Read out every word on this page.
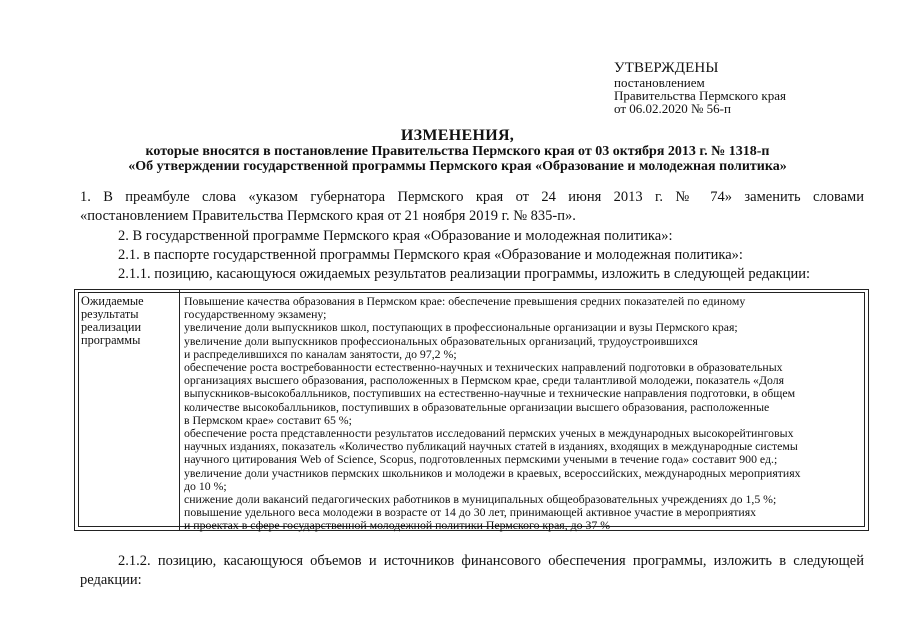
УТВЕРЖДЕНЫ
постановлением
Правительства Пермского края
от 06.02.2020 № 56-п
ИЗМЕНЕНИЯ,
которые вносятся в постановление Правительства Пермского края от 03 октября 2013 г. № 1318-п
«Об утверждении государственной программы Пермского края «Образование и молодежная политика»
1. В преамбуле слова «указом губернатора Пермского края от 24 июня 2013 г. № 74» заменить словами
«постановлением Правительства Пермского края от 21 ноября 2019 г. № 835-п».
2. В государственной программе Пермского края «Образование и молодежная политика»:
2.1. в паспорте государственной программы Пермского края «Образование и молодежная политика»:
2.1.1. позицию, касающуюся ожидаемых результатов реализации программы, изложить в следующей редакции:
Ожидаемые
результаты
реализации
программы
Повышение качества образования в Пермском крае: обеспечение превышения средних показателей по единому
государственному экзамену;
увеличение доли выпускников школ, поступающих в профессиональные организации и вузы Пермского края;
увеличение доли выпускников профессиональных образовательных организаций, трудоустроившихся
и распределившихся по каналам занятости, до 97,2 %;
обеспечение роста востребованности естественно-научных и технических направлений подготовки в образовательных
организациях высшего образования, расположенных в Пермском крае, среди талантливой молодежи, показатель «Доля
выпускников-высокобалльников, поступивших на естественно-научные и технические направления подготовки, в общем
количестве высокобалльников, поступивших в образовательные организации высшего образования, расположенные
в Пермском крае» составит 65 %;
обеспечение роста представленности результатов исследований пермских ученых в международных высокорейтинговых
научных изданиях, показатель «Количество публикаций научных статей в изданиях, входящих в международные системы
научного цитирования Web of Science, Scopus, подготовленных пермскими учеными в течение года» составит 900 ед.;
увеличение доли участников пермских школьников и молодежи в краевых, всероссийских, международных мероприятиях
до 10 %;
снижение доли вакансий педагогических работников в муниципальных общеобразовательных учреждениях до 1,5 %;
повышение удельного веса молодежи в возрасте от 14 до 30 лет, принимающей активное участие в мероприятиях
и проектах в сфере государственной молодежной политики Пермского края, до 37 %
2.1.2. позицию, касающуюся объемов и источников финансового обеспечения программы, изложить в следующей
редакции:
